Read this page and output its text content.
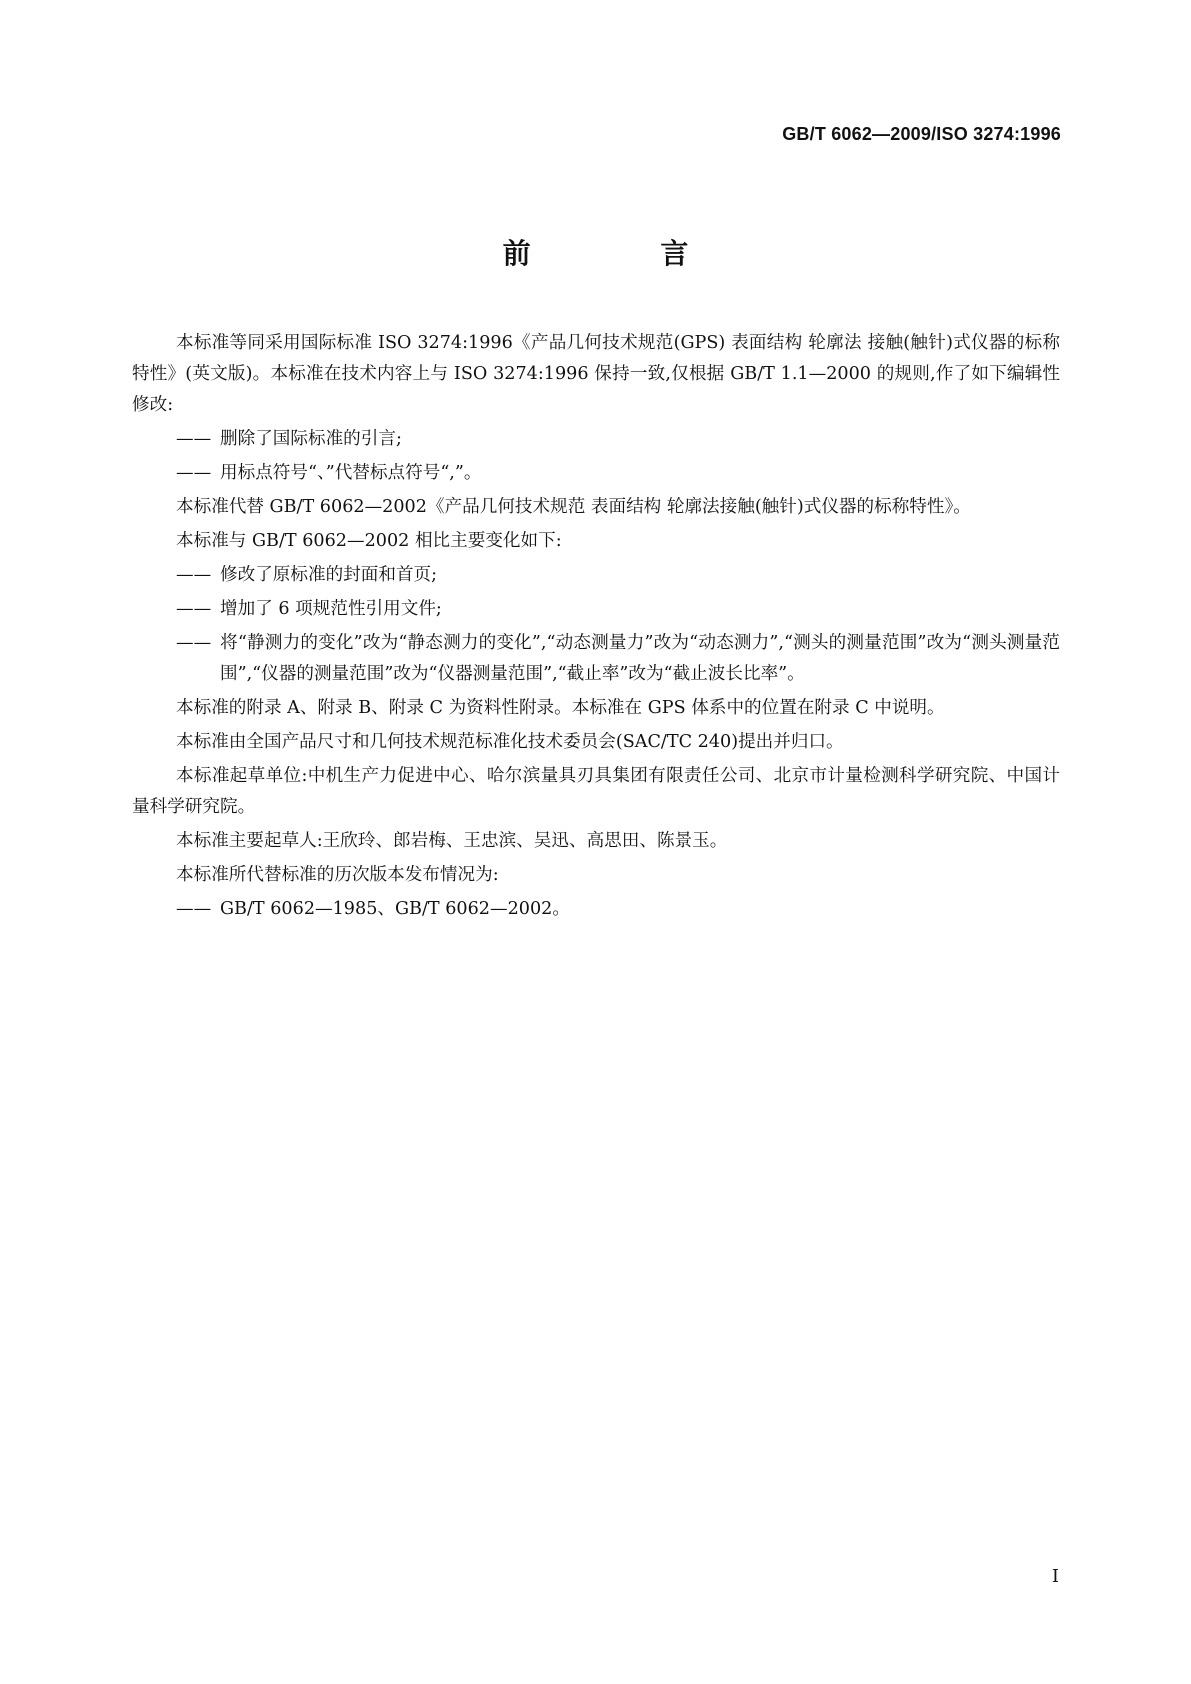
GB/T 6062—2009/ISO 3274:1996
前 言

本标准等同采用国际标准 ISO 3274:1996《产品几何技术规范(GPS) 表面结构 轮廓法 接触(触针)式仪器的标称特性》(英文版)。本标准在技术内容上与 ISO 3274:1996 保持一致,仅根据 GB/T 1.1—2000 的规则,作了如下编辑性修改:

—— 删除了国际标准的引言;

—— 用标点符号“、”代替标点符号“,”。

本标准代替 GB/T 6062—2002《产品几何技术规范 表面结构 轮廓法接触(触针)式仪器的标称特性》。

本标准与 GB/T 6062—2002 相比主要变化如下:

—— 修改了原标准的封面和首页;

—— 增加了 6 项规范性引用文件;

—— 将“静测力的变化”改为“静态测力的变化”,“动态测量力”改为“动态测力”,“测头的测量范围”改为“测头测量范围”,“仪器的测量范围”改为“仪器测量范围”,“截止率”改为“截止波长比率”。

本标准的附录 A、附录 B、附录 C 为资料性附录。本标准在 GPS 体系中的位置在附录 C 中说明。

本标准由全国产品尺寸和几何技术规范标准化技术委员会(SAC/TC 240)提出并归口。

本标准起草单位:中机生产力促进中心、哈尔滨量具刃具集团有限责任公司、北京市计量检测科学研究院、中国计量科学研究院。

本标准主要起草人:王欣玲、郎岩梅、王忠滨、吴迅、高思田、陈景玉。

本标准所代替标准的历次版本发布情况为:

—— GB/T 6062—1985、GB/T 6062—2002。

I
